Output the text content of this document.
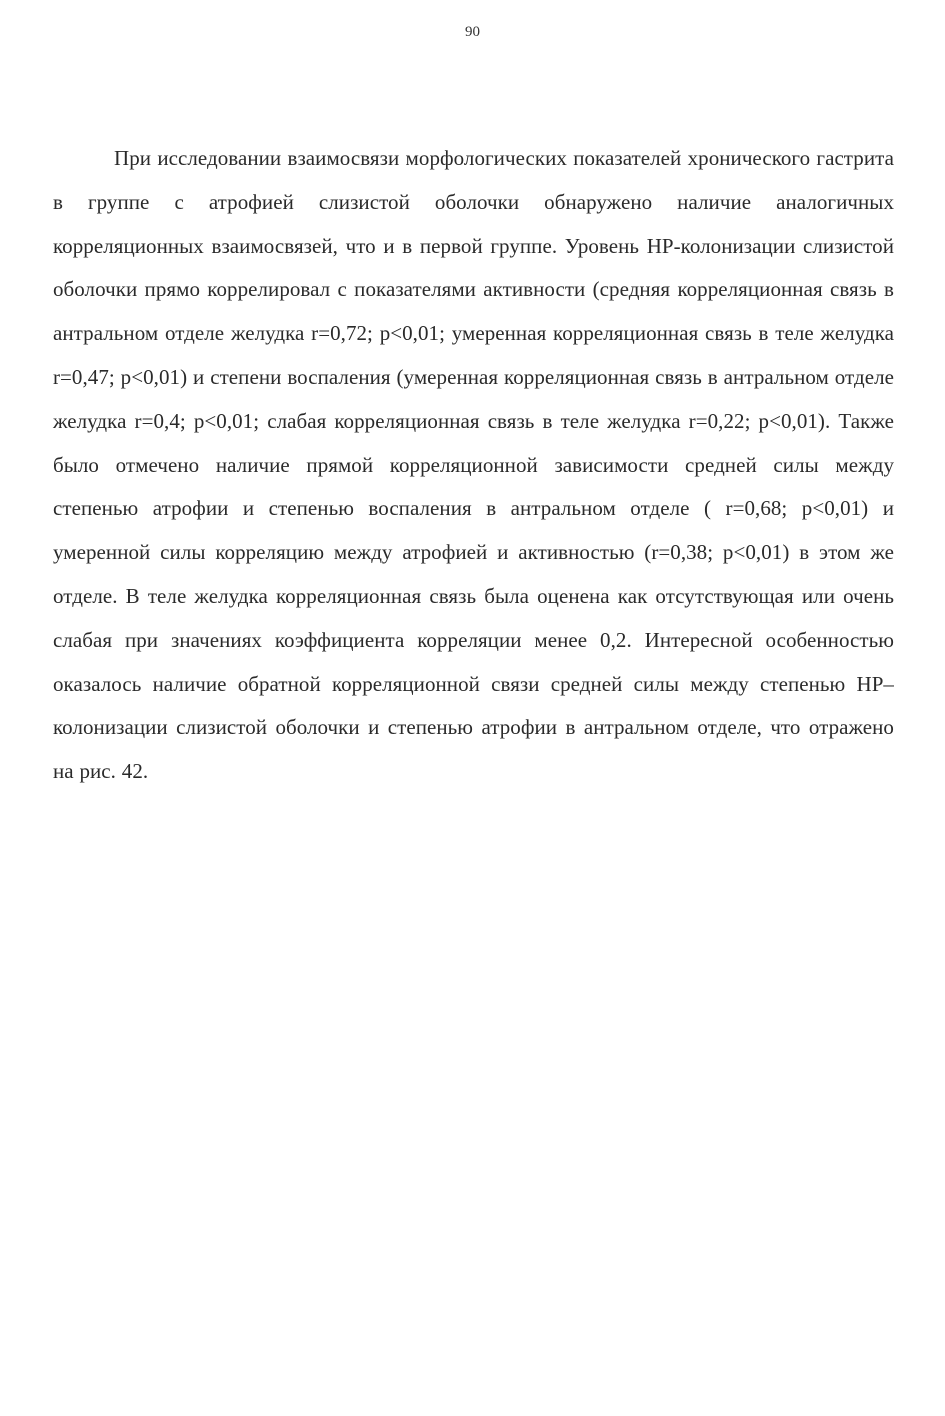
90

При исследовании взаимосвязи морфологических показателей хронического гастрита в группе с атрофией слизистой оболочки обнаружено наличие аналогичных корреляционных взаимосвязей, что и в первой группе. Уровень НР-колонизации слизистой оболочки прямо коррелировал с показателями активности (средняя корреляционная связь в антральном отделе желудка r=0,72; р<0,01; умеренная корреляционная связь в теле желудка r=0,47; р<0,01) и степени воспаления (умеренная корреляционная связь в антральном отделе желудка r=0,4; р<0,01; слабая корреляционная связь в теле желудка r=0,22; р<0,01). Также было отмечено наличие прямой корреляционной зависимости средней силы между степенью атрофии и степенью воспаления в антральном отделе ( r=0,68; р<0,01) и умеренной силы корреляцию между атрофией и активностью (r=0,38; р<0,01) в этом же отделе. В теле желудка корреляционная связь была оценена как отсутствующая или очень слабая при значениях коэффициента корреляции менее 0,2. Интересной особенностью оказалось наличие обратной корреляционной связи средней силы между степенью НР–колонизации слизистой оболочки и степенью атрофии в антральном отделе, что отражено на рис. 42.
